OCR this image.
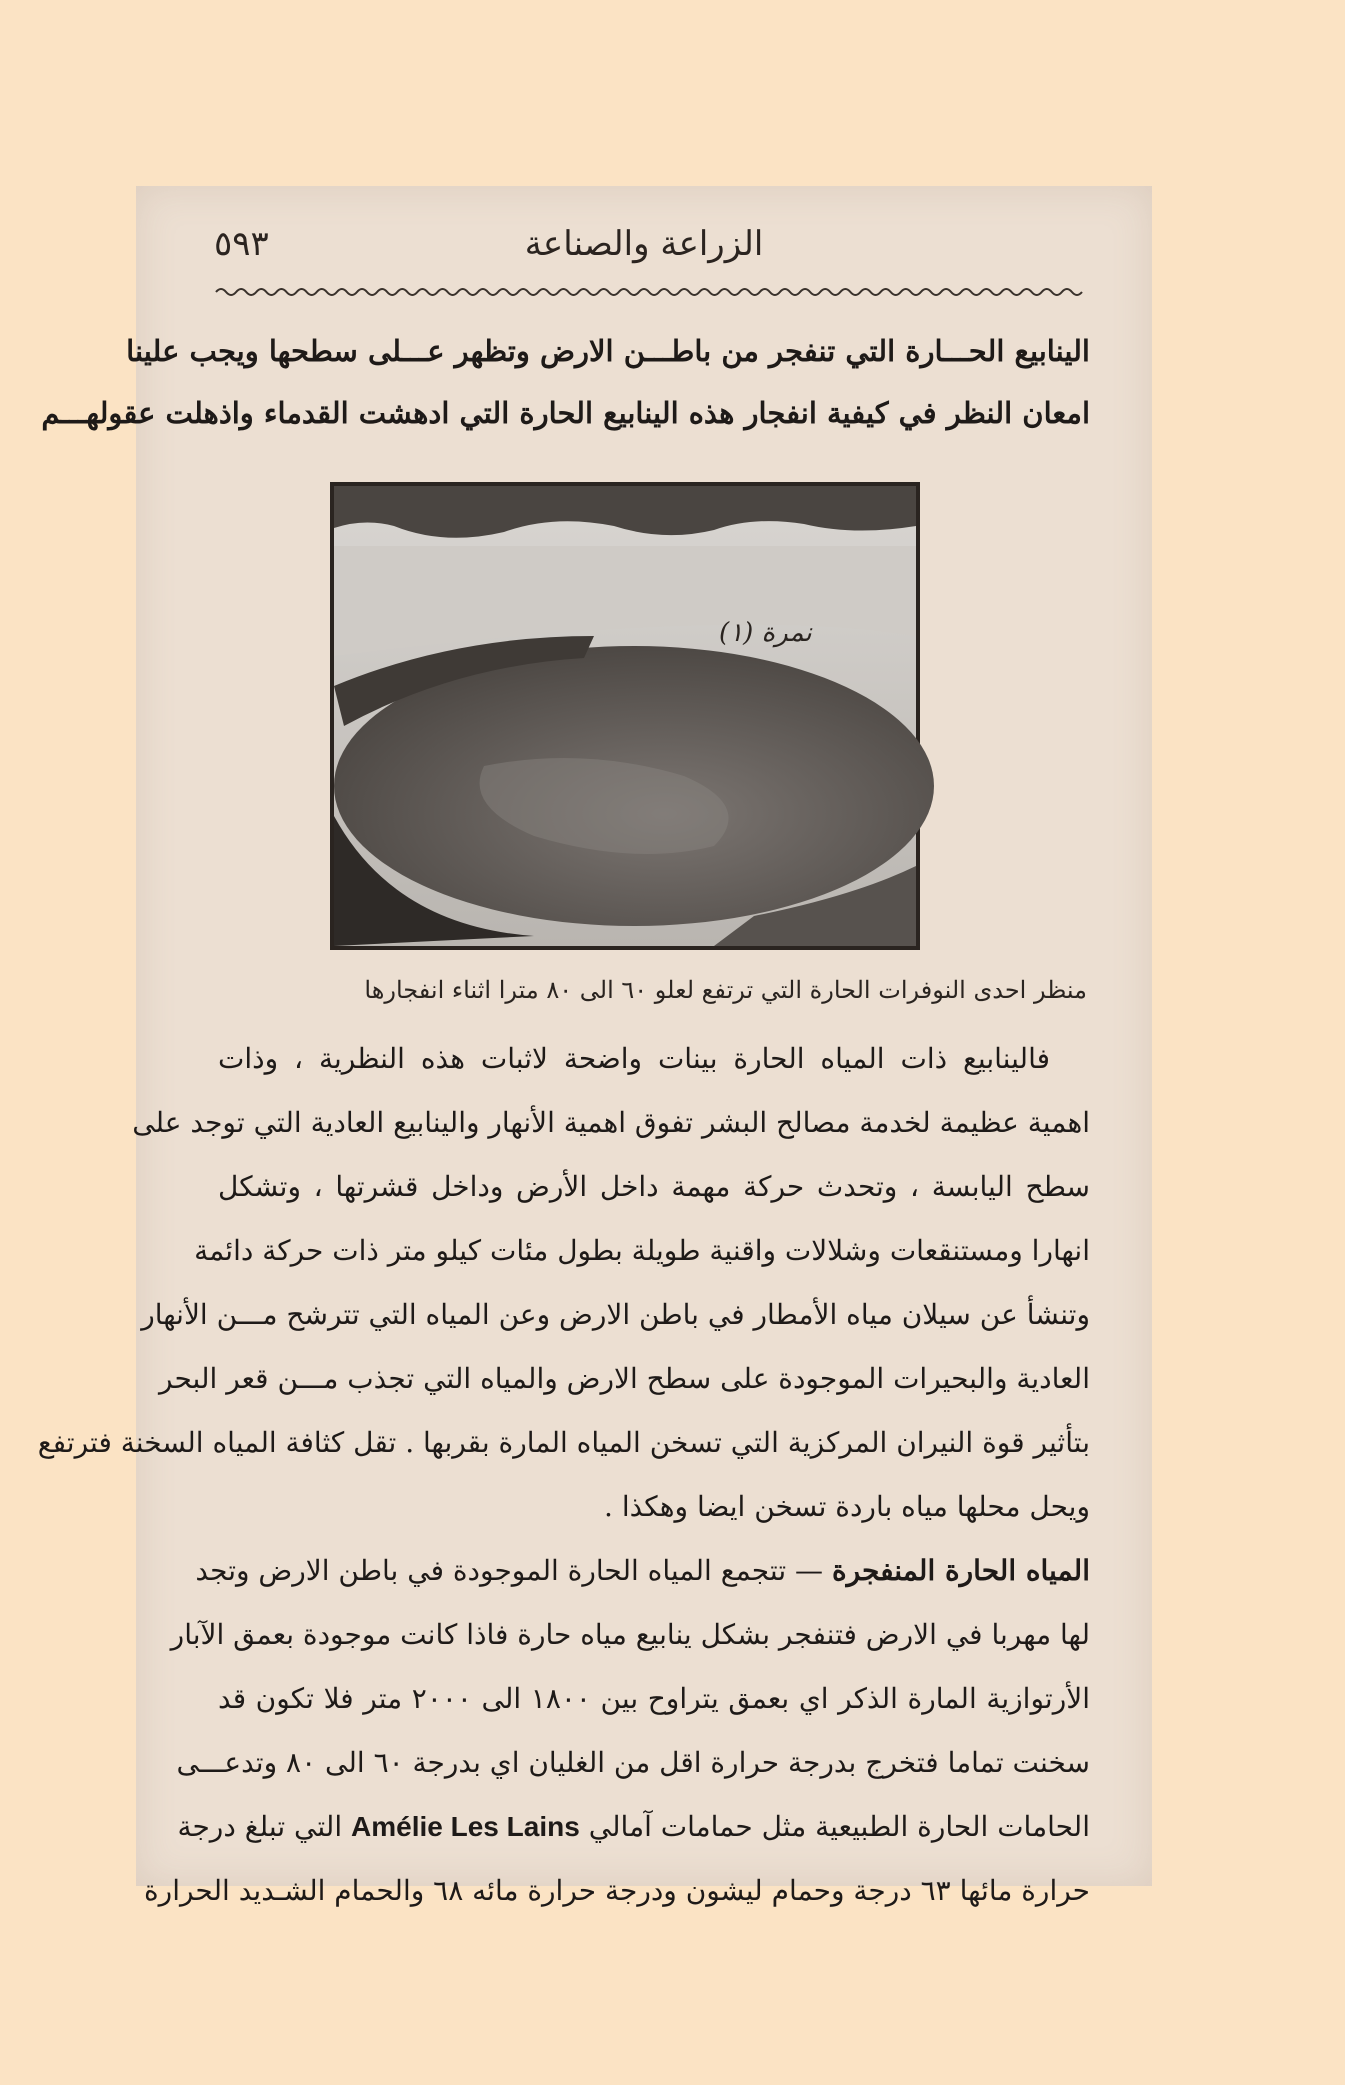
الزراعة والصناعة
٥٩٣
الينابيع الحـــارة التي تنفجر من باطـــن الارض وتظهر عـــلى سطحها ويجب علينا
امعان النظر في كيفية انفجار هذه الينابيع الحارة التي ادهشت القدماء واذهلت عقولهـــم
نمرة (١)
منظر احدى النوفرات الحارة التي ترتفع لعلو ٦٠ الى ٨٠ مترا اثناء انفجارها
فالينابيع ذات المياه الحارة بينات واضحة لاثبات هذه النظرية ، وذات
اهمية عظيمة لخدمة مصالح البشر تفوق اهمية الأنهار والينابيع العادية التي توجد على
سطح اليابسة ، وتحدث حركة مهمة داخل الأرض وداخل قشرتها ، وتشكل
انهارا ومستنقعات وشلالات واقنية طويلة بطول مئات كيلو متر ذات حركة دائمة
وتنشأ عن سيلان مياه الأمطار في باطن الارض وعن المياه التي تترشح مـــن الأنهار
العادية والبحيرات الموجودة على سطح الارض والمياه التي تجذب مـــن قعر البحر
بتأثير قوة النيران المركزية التي تسخن المياه المارة بقربها . تقل كثافة المياه السخنة فترتفع
ويحل محلها مياه باردة تسخن ايضا وهكذا .
المياه الحارة المنفجرة — تتجمع المياه الحارة الموجودة في باطن الارض وتجد
لها مهربا في الارض فتنفجر بشكل ينابيع مياه حارة فاذا كانت موجودة بعمق الآبار
الأرتوازية المارة الذكر اي بعمق يتراوح بين ١٨٠٠ الى ٢٠٠٠ متر فلا تكون قد
سخنت تماما فتخرج بدرجة حرارة اقل من الغليان اي بدرجة ٦٠ الى ٨٠ وتدعـــى
الحامات الحارة الطبيعية مثل حمامات آمالي Amélie Les Lains التي تبلغ درجة
حرارة مائها ٦٣ درجة وحمام ليشون ودرجة حرارة مائه ٦٨ والحمام الشـديد الحرارة
